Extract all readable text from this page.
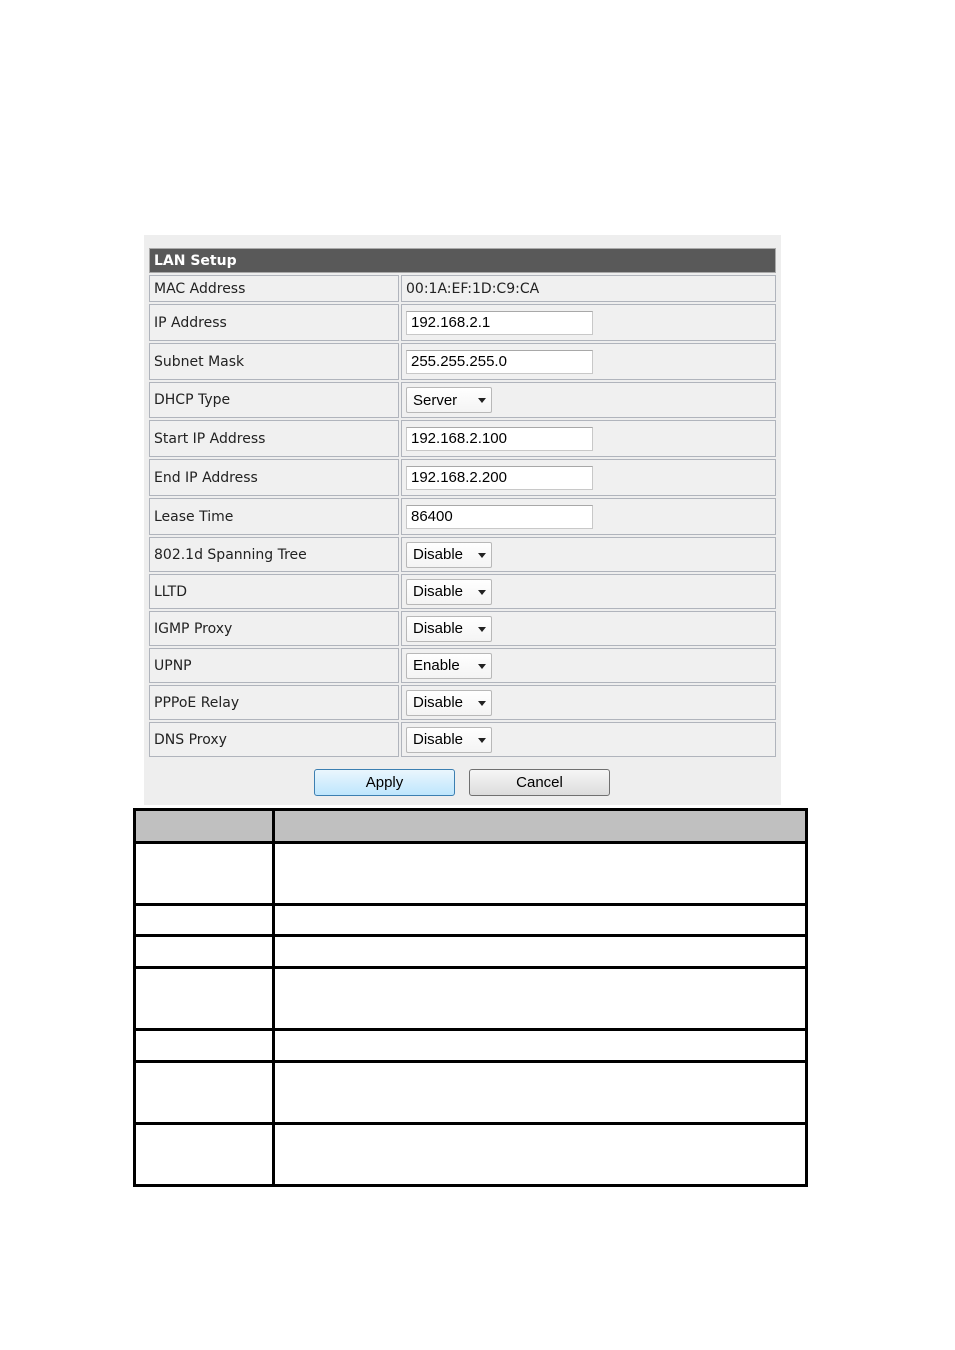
LAN Setup
MAC Address	00:1A:EF:1D:C9:CA
IP Address	192.168.2.1
Subnet Mask	255.255.255.0
DHCP Type	Server
Start IP Address	192.168.2.100
End IP Address	192.168.2.200
Lease Time	86400
802.1d Spanning Tree	Disable
LLTD	Disable
IGMP Proxy	Disable
UPNP	Enable
PPPoE Relay	Disable
DNS Proxy	Disable
Apply	Cancel
